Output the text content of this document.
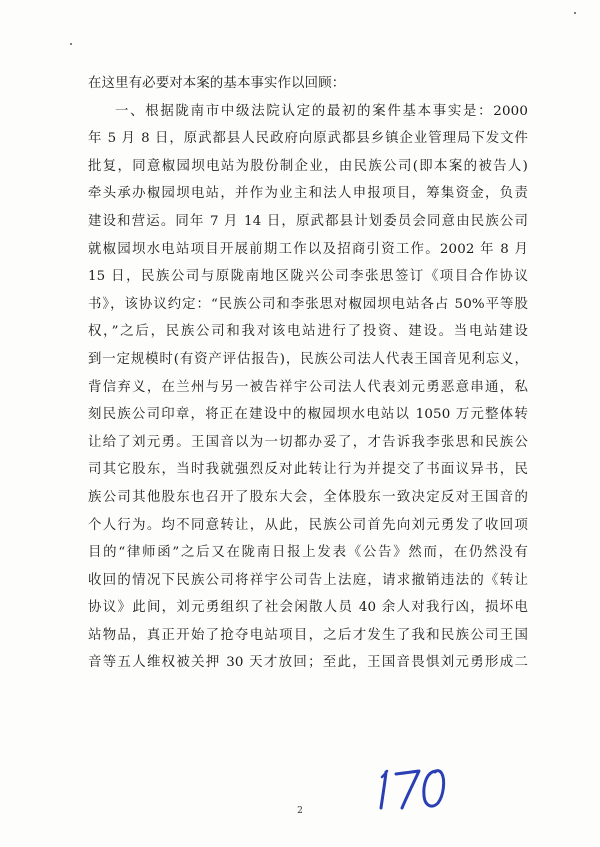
在这里有必要对本案的基本事实作以回顾：
一、根据陇南市中级法院认定的最初的案件基本事实是：2000
年 5 月 8 日，原武都县人民政府向原武都县乡镇企业管理局下发文件
批复，同意椒园坝电站为股份制企业，由民族公司(即本案的被告人)
牵头承办椒园坝电站，并作为业主和法人申报项目，筹集资金，负责
建设和营运。同年 7 月 14 日，原武都县计划委员会同意由民族公司
就椒园坝水电站项目开展前期工作以及招商引资工作。2002 年 8 月
15 日，民族公司与原陇南地区陇兴公司李张思签订《项目合作协议
书》，该协议约定：“民族公司和李张思对椒园坝电站各占 50%平等股
权，”之后，民族公司和我对该电站进行了投资、建设。当电站建设
到一定规模时(有资产评估报告)，民族公司法人代表王国音见利忘义，
背信弃义，在兰州与另一被告祥宇公司法人代表刘元勇恶意串通，私
刻民族公司印章，将正在建设中的椒园坝水电站以 1050 万元整体转
让给了刘元勇。王国音以为一切都办妥了，才告诉我李张思和民族公
司其它股东，当时我就强烈反对此转让行为并提交了书面议异书，民
族公司其他股东也召开了股东大会，全体股东一致决定反对王国音的
个人行为。均不同意转让，从此，民族公司首先向刘元勇发了收回项
目的“律师函”之后又在陇南日报上发表《公告》然而，在仍然没有
收回的情况下民族公司将祥宇公司告上法庭，请求撤销违法的《转让
协议》此间，刘元勇组织了社会闲散人员 40 余人对我行凶，损坏电
站物品，真正开始了抢夺电站项目，之后才发生了我和民族公司王国
音等五人维权被关押 30 天才放回；至此，王国音畏惧刘元勇形成二
2
